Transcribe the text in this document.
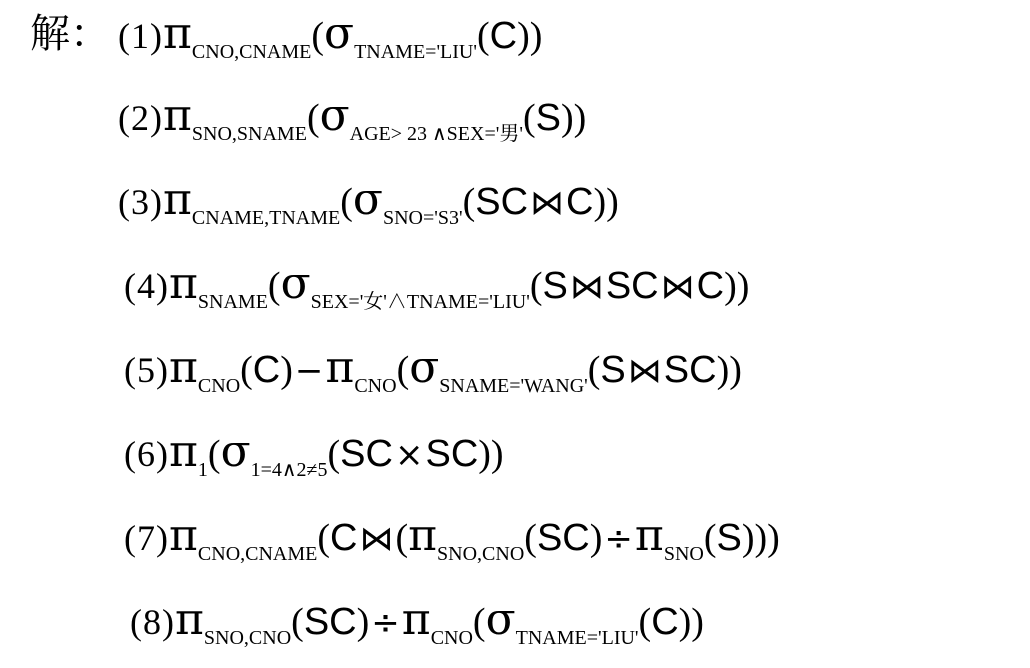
解： $(1)\pi_{CNO,CNAME}(\sigma_{TNAME='LIU'}(C))$
$(2)\pi_{SNO,SNAME}(\sigma_{AGE> 23 \wedge SEX='男'}(S))$
$(3)\pi_{CNAME,TNAME}(\sigma_{SNO='S3'}(SC⋈C))$
$(4)\pi_{SNAME}(\sigma_{SEX='女'\wedge TNAME='LIU'}(S⋈SC⋈C))$
$(5)\pi_{CNO}(C)-\pi_{CNO}(\sigma_{SNAME='WANG'}(S⋈SC))$
$(6)\pi_1(\sigma_{1=4\wedge 2\ne 5}(SC\times SC))$
$(7)\pi_{CNO,CNAME}(C⋈(\pi_{SNO,CNO}(SC)\div\pi_{SNO}(S)))$
$(8)\pi_{SNO,CNO}(SC)\div\pi_{CNO}(\sigma_{TNAME='LIU'}(C))$
